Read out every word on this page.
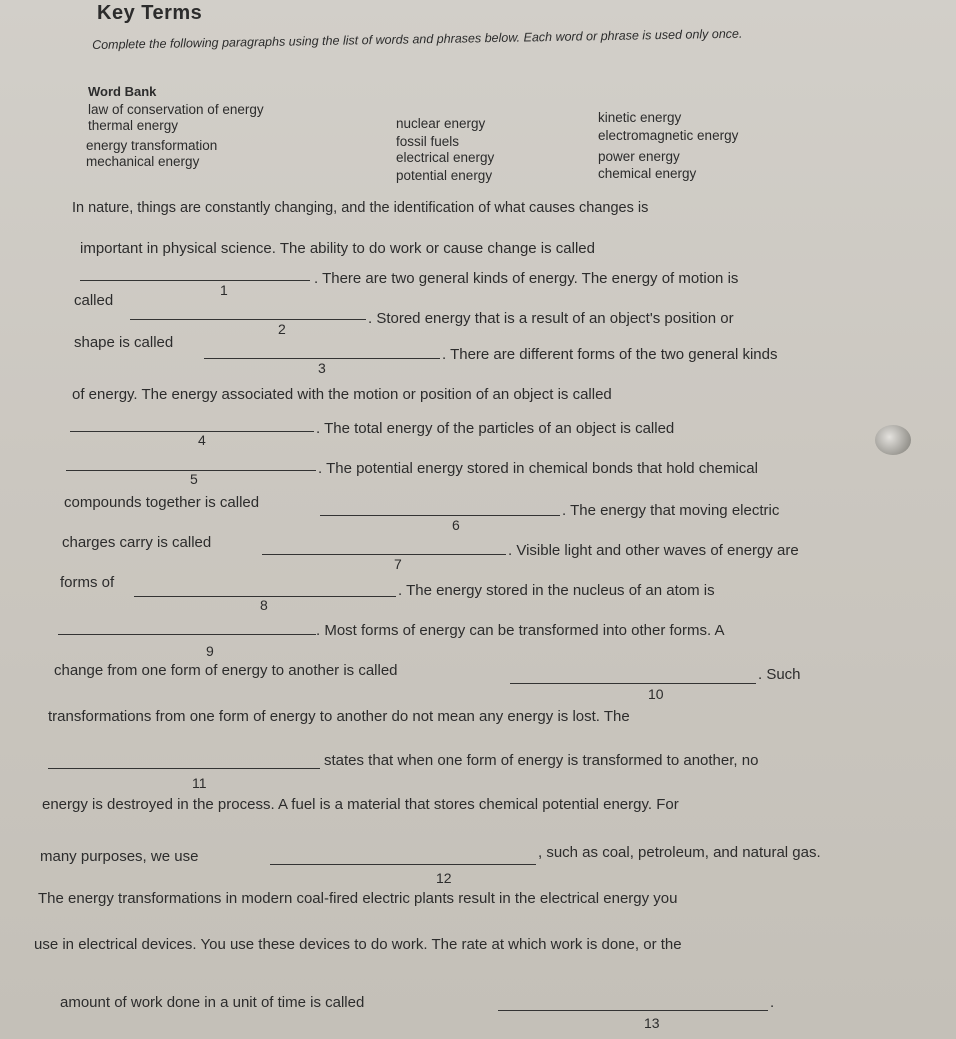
Key Terms
Complete the following paragraphs using the list of words and phrases below. Each word or phrase is used only once.
Word Bank
law of conservation of energy
thermal energy
energy transformation
mechanical energy
nuclear energy
fossil fuels
electrical energy
potential energy
kinetic energy
electromagnetic energy
power energy
chemical energy
In nature, things are constantly changing, and the identification of what causes changes is
important in physical science. The ability to do work or cause change is called
1
. There are two general kinds of energy. The energy of motion is
called
2
. Stored energy that is a result of an object's position or
shape is called
3
. There are different forms of the two general kinds
of energy. The energy associated with the motion or position of an object is called
4
. The total energy of the particles of an object is called
5
. The potential energy stored in chemical bonds that hold chemical
compounds together is called
6
. The energy that moving electric
charges carry is called
7
. Visible light and other waves of energy are
forms of
8
. The energy stored in the nucleus of an atom is
9
. Most forms of energy can be transformed into other forms. A
change from one form of energy to another is called
10
. Such
transformations from one form of energy to another do not mean any energy is lost. The
11
states that when one form of energy is transformed to another, no
energy is destroyed in the process. A fuel is a material that stores chemical potential energy. For
many purposes, we use
12
, such as coal, petroleum, and natural gas.
The energy transformations in modern coal-fired electric plants result in the electrical energy you
use in electrical devices. You use these devices to do work. The rate at which work is done, or the
amount of work done in a unit of time is called
13
.
